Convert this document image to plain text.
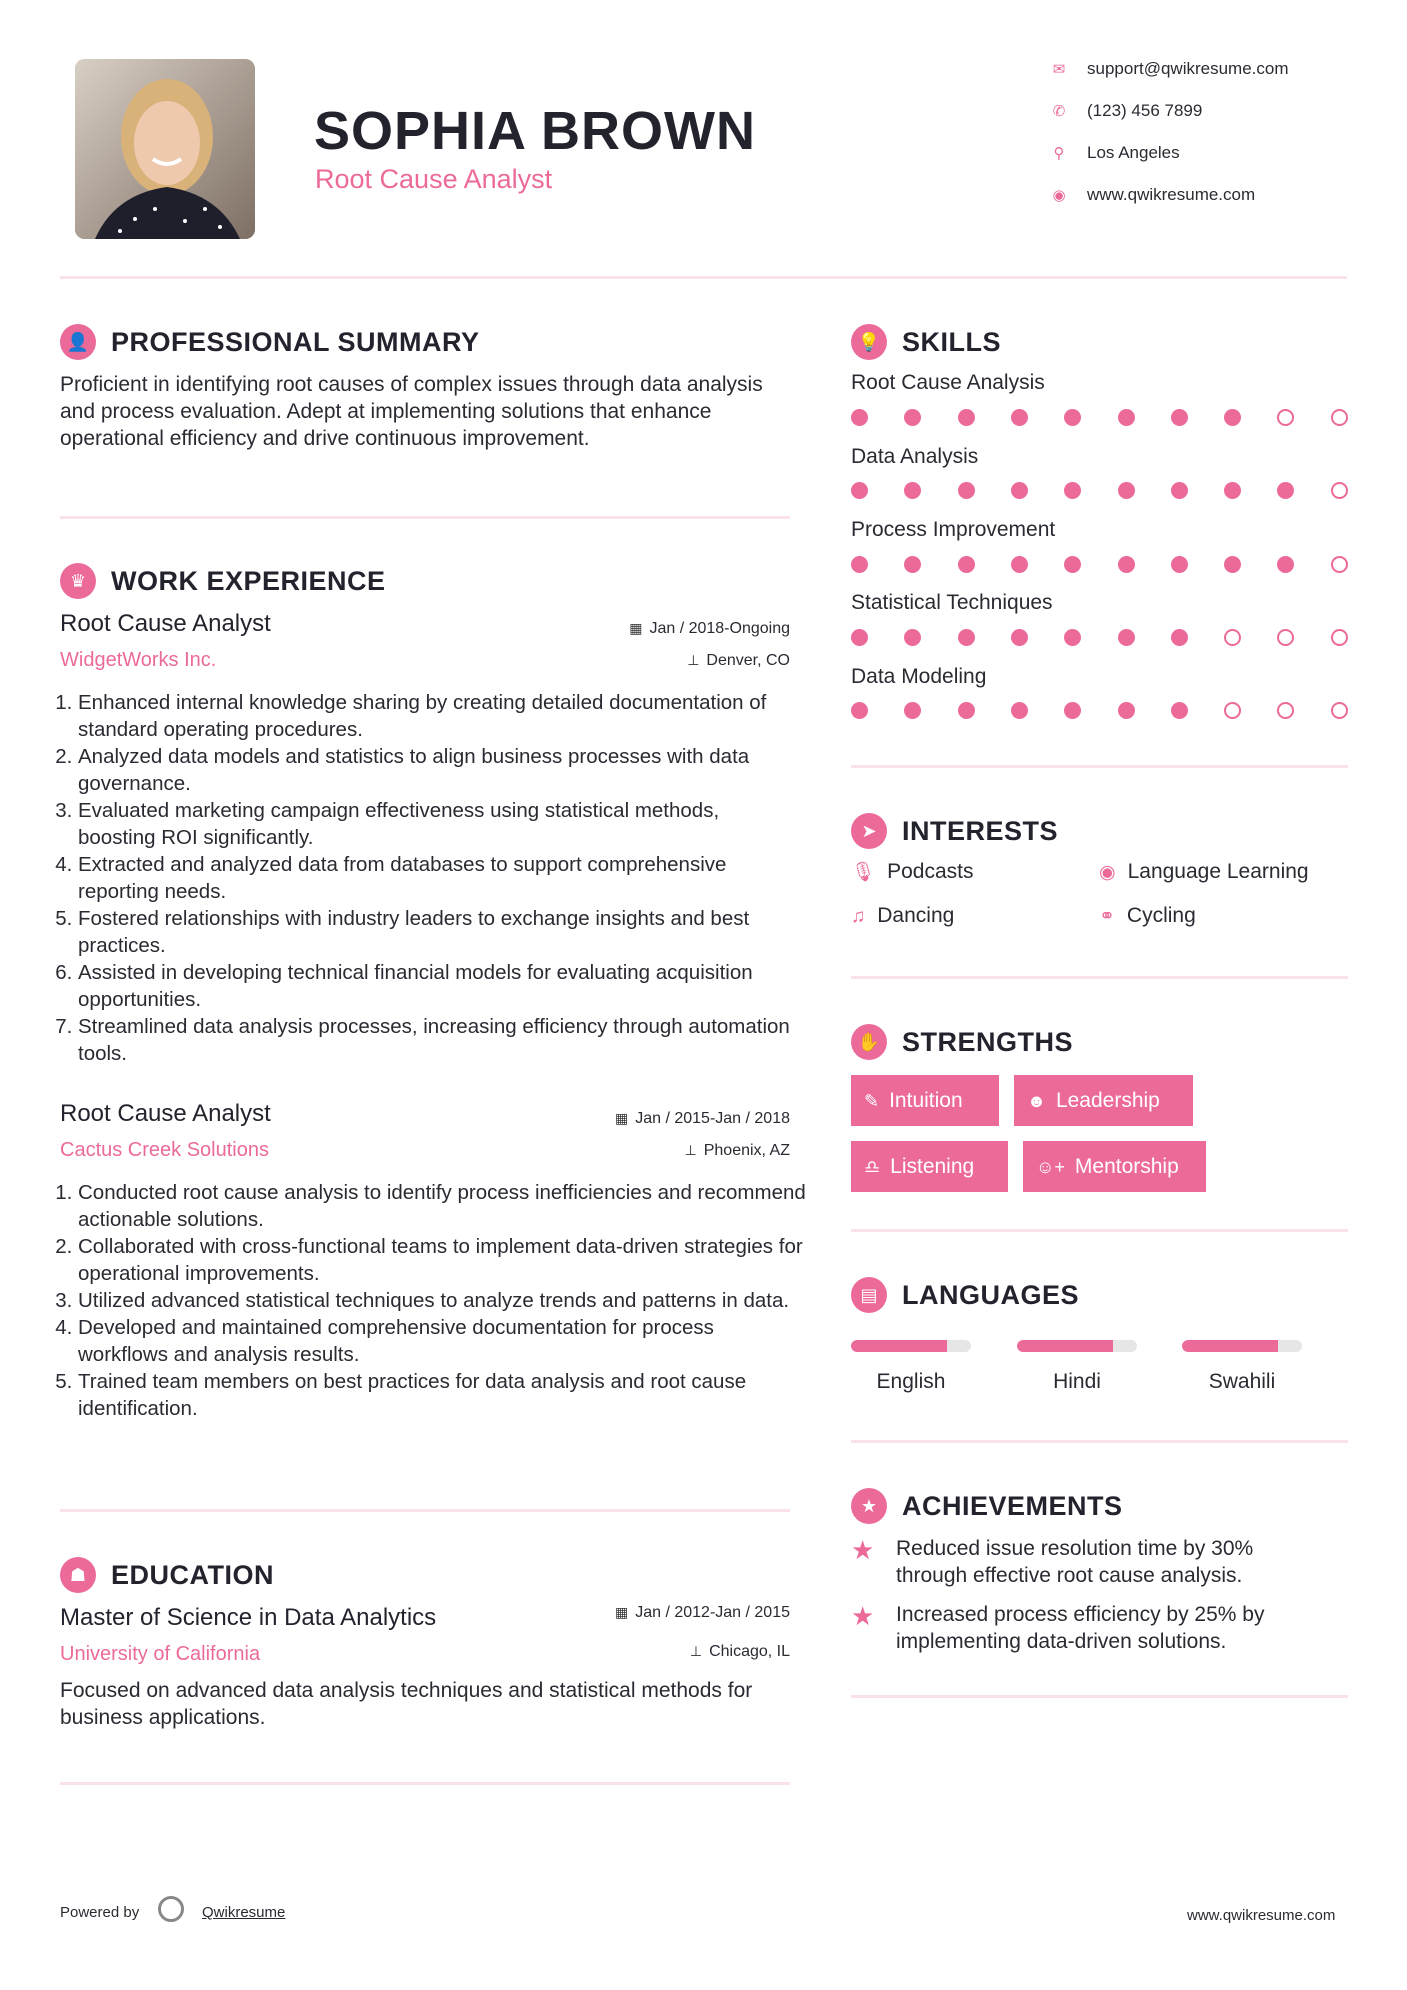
SOPHIA BROWN
Root Cause Analyst
✉ support@qwikresume.com
✆ (123) 456 7899
⚲ Los Angeles
◉ www.qwikresume.com
👤 PROFESSIONAL SUMMARY
Proficient in identifying root causes of complex issues through data analysis and process evaluation. Adept at implementing solutions that enhance operational efficiency and drive continuous improvement.
♛ WORK EXPERIENCE
Root Cause Analyst	▦ Jan / 2018-Ongoing
WidgetWorks Inc.	⊥ Denver, CO
1. Enhanced internal knowledge sharing by creating detailed documentation of standard operating procedures.
2. Analyzed data models and statistics to align business processes with data governance.
3. Evaluated marketing campaign effectiveness using statistical methods, boosting ROI significantly.
4. Extracted and analyzed data from databases to support comprehensive reporting needs.
5. Fostered relationships with industry leaders to exchange insights and best practices.
6. Assisted in developing technical financial models for evaluating acquisition opportunities.
7. Streamlined data analysis processes, increasing efficiency through automation tools.
Root Cause Analyst	▦ Jan / 2015-Jan / 2018
Cactus Creek Solutions	⊥ Phoenix, AZ
1. Conducted root cause analysis to identify process inefficiencies and recommend actionable solutions.
2. Collaborated with cross-functional teams to implement data-driven strategies for operational improvements.
3. Utilized advanced statistical techniques to analyze trends and patterns in data.
4. Developed and maintained comprehensive documentation for process workflows and analysis results.
5. Trained team members on best practices for data analysis and root cause identification.
☗ EDUCATION
Master of Science in Data Analytics	▦ Jan / 2012-Jan / 2015
University of California	⊥ Chicago, IL
Focused on advanced data analysis techniques and statistical methods for business applications.
💡 SKILLS
Root Cause Analysis
Data Analysis
Process Improvement
Statistical Techniques
Data Modeling
➤ INTERESTS
🎙 Podcasts	◉ Language Learning
♫ Dancing	⚭ Cycling
✋ STRENGTHS
✎ Intuition	☻ Leadership
♎ Listening	☺+ Mentorship
▤ LANGUAGES
English	Hindi	Swahili
★ ACHIEVEMENTS
★ Reduced issue resolution time by 30% through effective root cause analysis.
★ Increased process efficiency by 25% by implementing data-driven solutions.
Powered by	Qwikresume	www.qwikresume.com
